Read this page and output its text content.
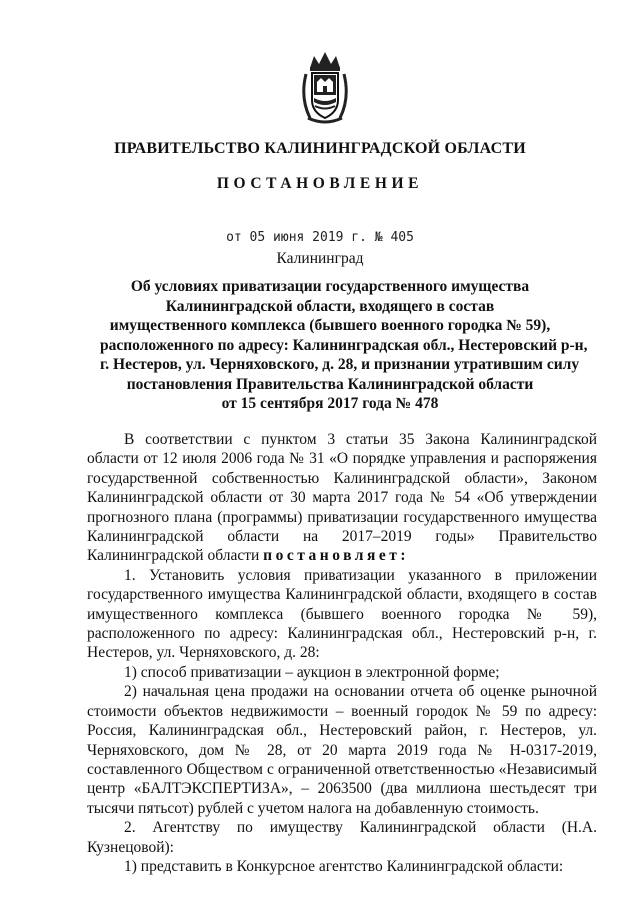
ПРАВИТЕЛЬСТВО КАЛИНИНГРАДСКОЙ ОБЛАСТИ
ПОСТАНОВЛЕНИЕ
от 05 июня 2019 г. № 405
Калининград
Об условиях приватизации государственного имущества
Калининградской области, входящего в состав
имущественного комплекса (бывшего военного городка № 59),
расположенного по адресу: Калининградская обл., Нестеровский р-н,
г. Нестеров, ул. Черняховского, д. 28, и признании утратившим силу
постановления Правительства Калининградской области
от 15 сентября 2017 года № 478

В соответствии с пунктом 3 статьи 35 Закона Калининградской области от 12 июля 2006 года № 31 «О порядке управления и распоряжения государственной собственностью Калининградской области», Законом Калининградской области от 30 марта 2017 года № 54 «Об утверждении прогнозного плана (программы) приватизации государственного имущества Калининградской области на 2017–2019 годы» Правительство Калининградской области постановляет:

1. Установить условия приватизации указанного в приложении государственного имущества Калининградской области, входящего в состав имущественного комплекса (бывшего военного городка № 59), расположенного по адресу: Калининградская обл., Нестеровский р-н, г. Нестеров, ул. Черняховского, д. 28:

1) способ приватизации – аукцион в электронной форме;

2) начальная цена продажи на основании отчета об оценке рыночной стоимости объектов недвижимости – военный городок № 59 по адресу: Россия, Калининградская обл., Нестеровский район, г. Нестеров, ул. Черняховского, дом № 28, от 20 марта 2019 года № Н-0317-2019, составленного Обществом с ограниченной ответственностью «Независимый центр «БАЛТЭКСПЕРТИЗА», – 2063500 (два миллиона шестьдесят три тысячи пятьсот) рублей с учетом налога на добавленную стоимость.

2. Агентству по имуществу Калининградской области (Н.А. Кузнецовой):

1) представить в Конкурсное агентство Калининградской области:
